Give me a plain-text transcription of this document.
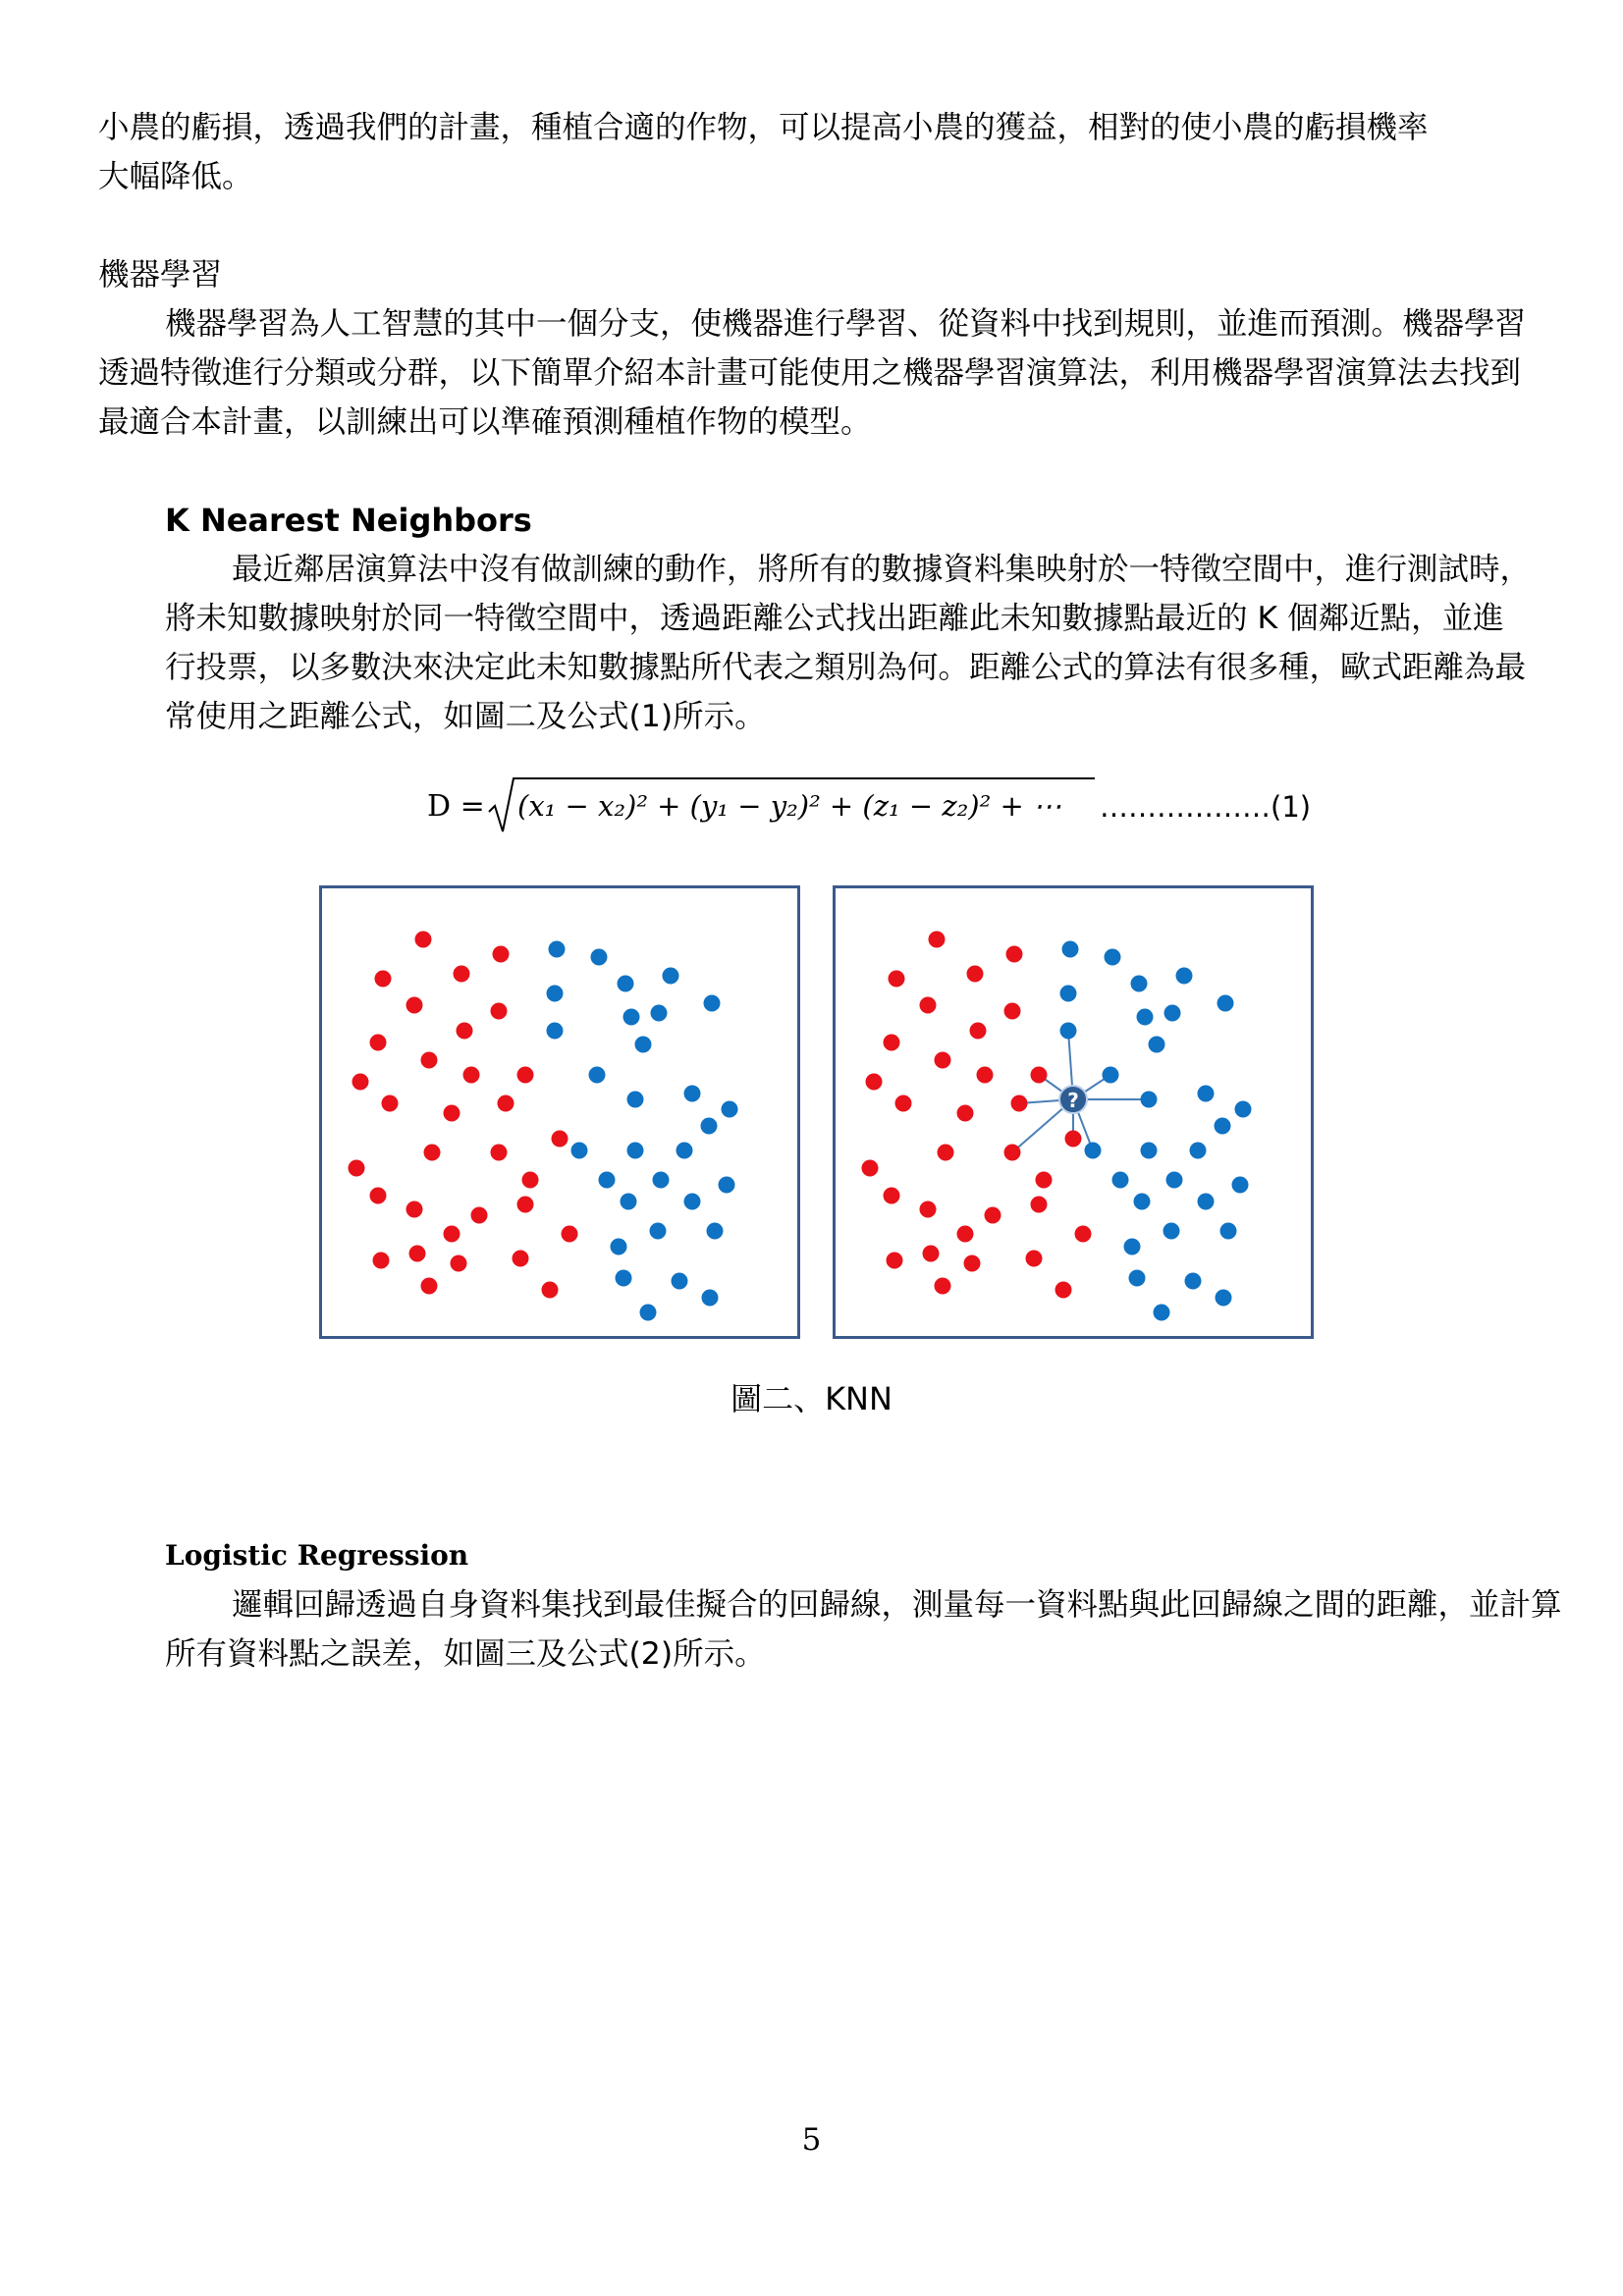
小農的虧損，透過我們的計畫，種植合適的作物，可以提高小農的獲益，相對的使小農的虧損機率

大幅降低。

機器學習

機器學習為人工智慧的其中一個分支，使機器進行學習、從資料中找到規則，並進而預測。機器學習透過特徵進行分類或分群，以下簡單介紹本計畫可能使用之機器學習演算法，利用機器學習演算法去找到最適合本計畫，以訓練出可以準確預測種植作物的模型。

K Nearest Neighbors

最近鄰居演算法中沒有做訓練的動作，將所有的數據資料集映射於一特徵空間中，進行測試時，將未知數據映射於同一特徵空間中，透過距離公式找出距離此未知數據點最近的 K 個鄰近點，並進行投票，以多數決來決定此未知數據點所代表之類別為何。距離公式的算法有很多種，歐式距離為最常使用之距離公式，如圖二及公式(1)所示。

D = (x₁ − x₂)² + (y₁ − y₂)² + (z₁ − z₂)² + ⋯ ………………(1)
?
圖二、KNN

Logistic Regression

邏輯回歸透過自身資料集找到最佳擬合的回歸線，測量每一資料點與此回歸線之間的距離，並計算所有資料點之誤差，如圖三及公式(2)所示。

5
